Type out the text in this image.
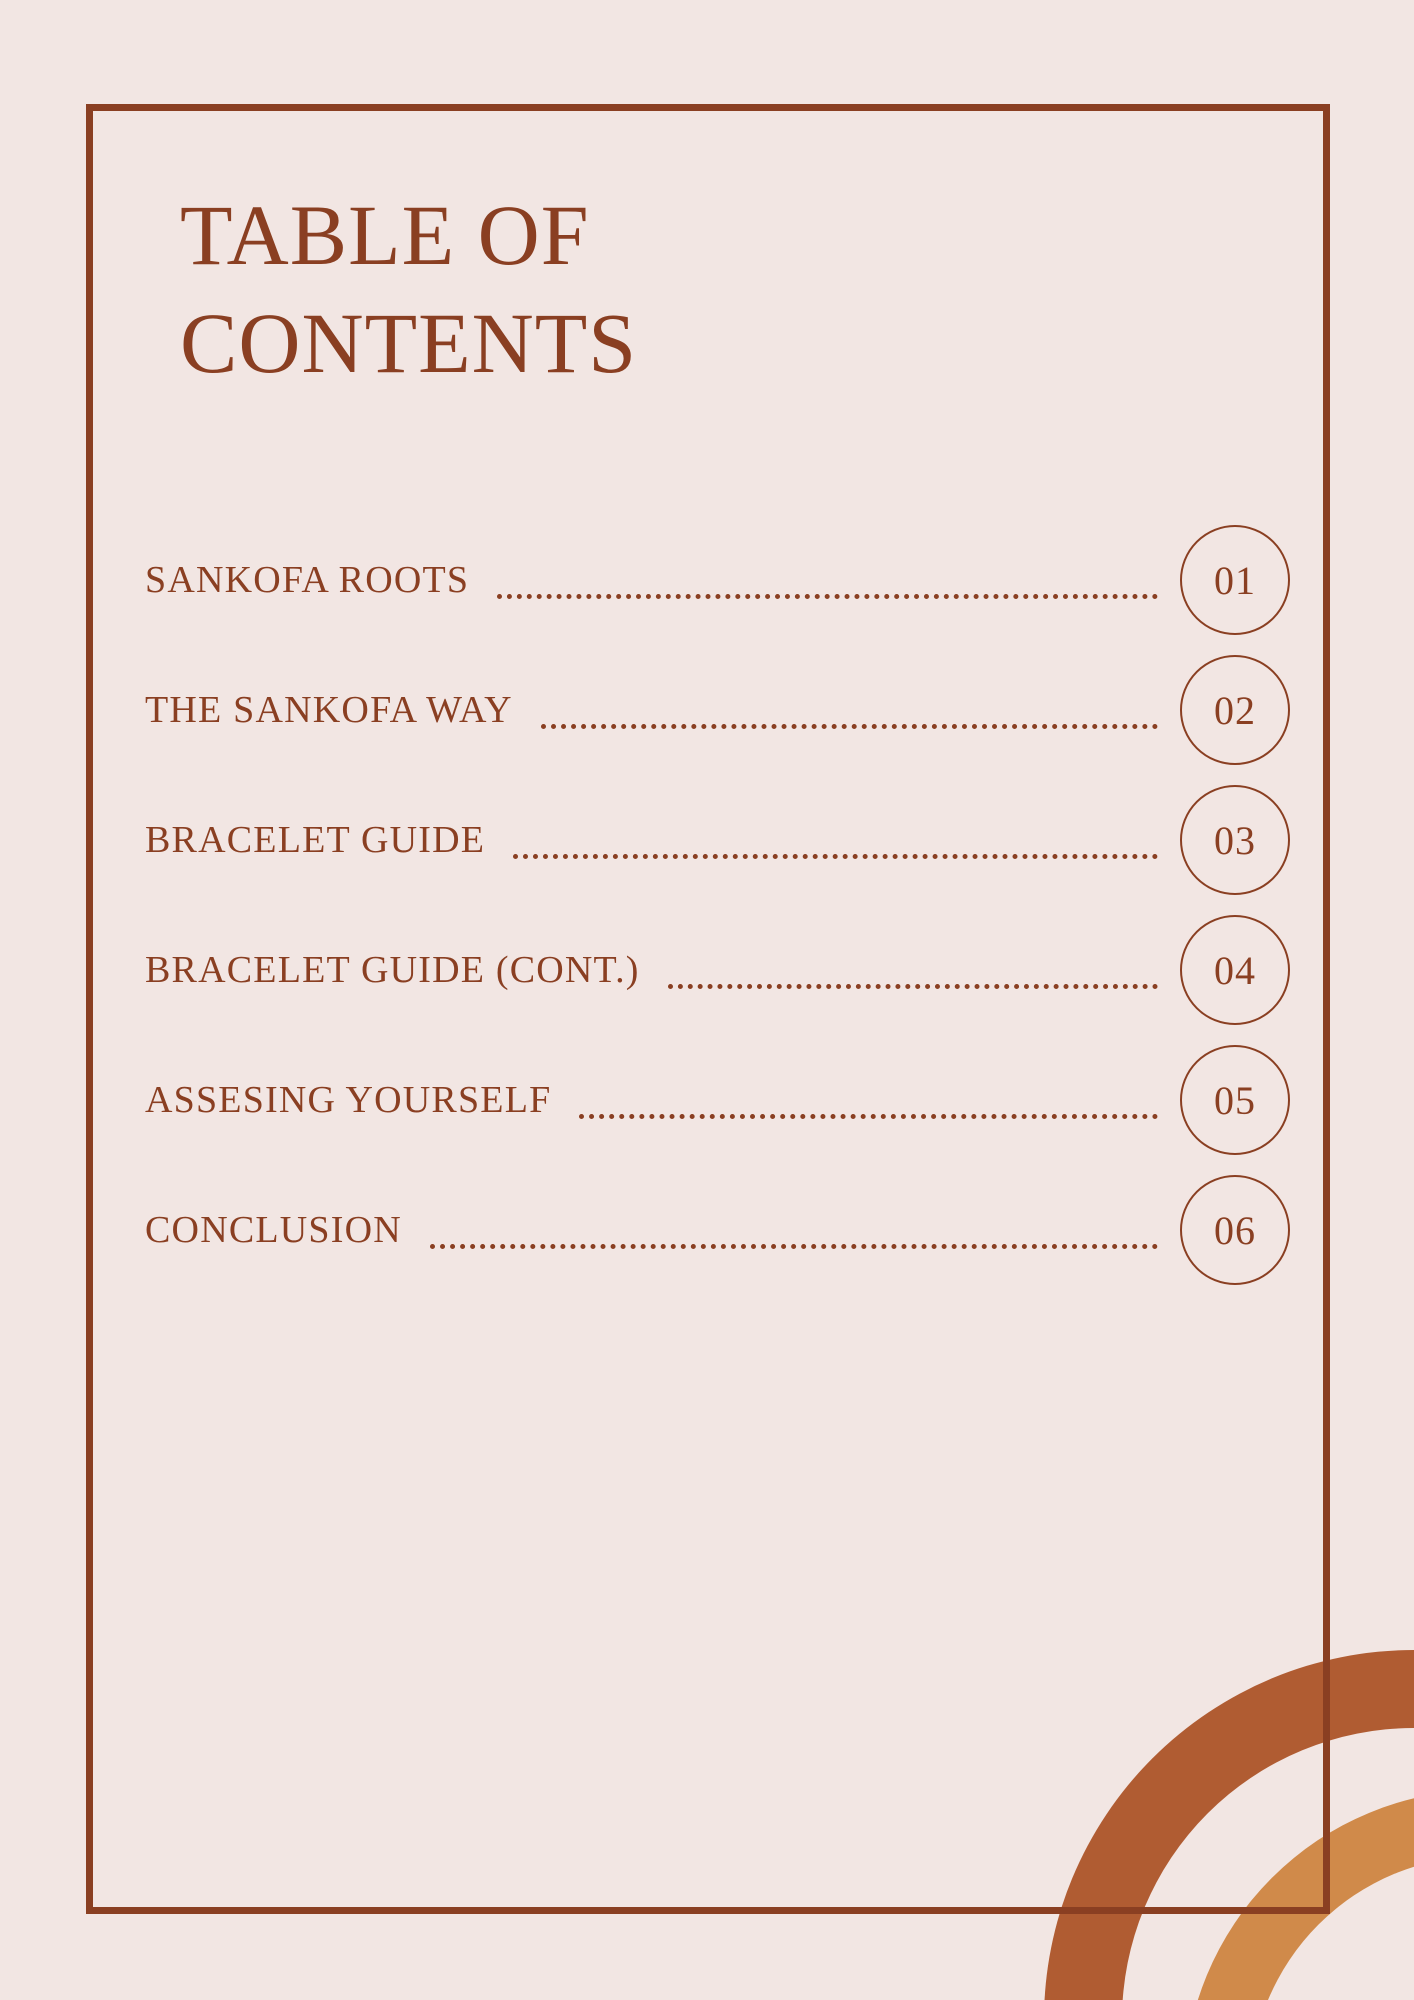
TABLE OF CONTENTS
SANKOFA ROOTS	01
THE SANKOFA WAY	02
BRACELET GUIDE	03
BRACELET GUIDE (CONT.)	04
ASSESING YOURSELF	05
CONCLUSION	06
